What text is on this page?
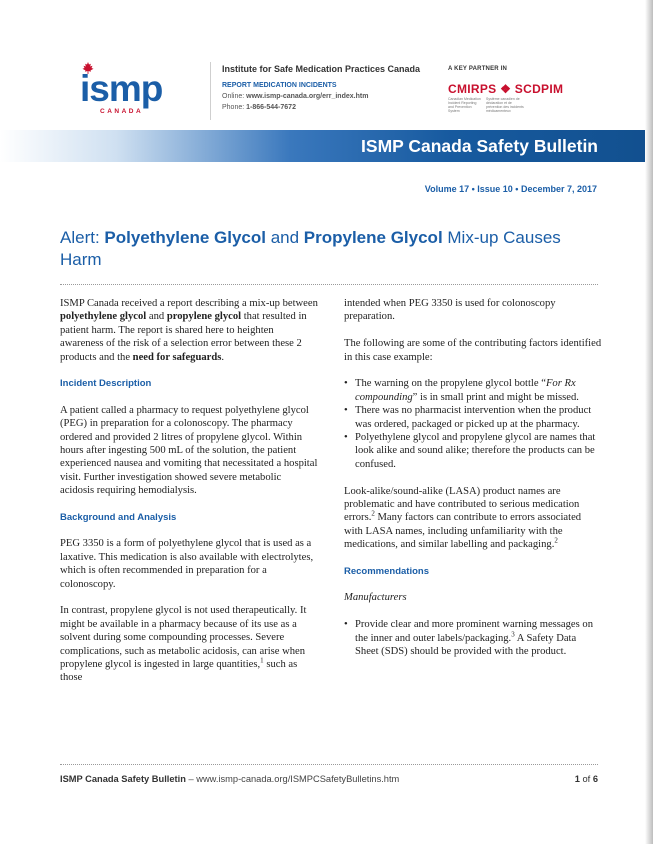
ismp
CANADA
Institute for Safe Medication Practices Canada
REPORT MEDICATION INCIDENTS
Online: www.ismp-canada.org/err_index.htm
Phone: 1-866-544-7672
A KEY PARTNER IN
CMIRPS ❖ SCDPIM
Canadian Medication Incident Reporting and Prevention System
Système canadien de déclaration et de prévention des incidents médicamenteux
ISMP Canada Safety Bulletin
Volume 17 • Issue 10 • December 7, 2017
Alert: Polyethylene Glycol and Propylene Glycol Mix-up Causes Harm

ISMP Canada received a report describing a mix-up between polyethylene glycol and propylene glycol that resulted in patient harm. The report is shared here to heighten awareness of the risk of a selection error between these 2 products and the need for safeguards.

Incident Description

A patient called a pharmacy to request polyethylene glycol (PEG) in preparation for a colonoscopy. The pharmacy ordered and provided 2 litres of propylene glycol. Within hours after ingesting 500 mL of the solution, the patient experienced nausea and vomiting that necessitated a hospital visit. Further investigation showed severe metabolic acidosis requiring hemodialysis.

Background and Analysis

PEG 3350 is a form of polyethylene glycol that is used as a laxative. This medication is also available with electrolytes, which is often recommended in preparation for a colonoscopy.

In contrast, propylene glycol is not used therapeutically. It might be available in a pharmacy because of its use as a solvent during some compounding processes. Severe complications, such as metabolic acidosis, can arise when propylene glycol is ingested in large quantities,$^1$ such as those

intended when PEG 3350 is used for colonoscopy preparation.

The following are some of the contributing factors identified in this case example:

• The warning on the propylene glycol bottle “For Rx compounding” is in small print and might be missed.
• There was no pharmacist intervention when the product was ordered, packaged or picked up at the pharmacy.
• Polyethylene glycol and propylene glycol are names that look alike and sound alike; therefore the products can be confused.

Look-alike/sound-alike (LASA) product names are problematic and have contributed to serious medication errors.$^2$ Many factors can contribute to errors associated with LASA names, including unfamiliarity with the medications, and similar labelling and packaging.$^2$

Recommendations

Manufacturers

• Provide clear and more prominent warning messages on the inner and outer labels/packaging.$^3$ A Safety Data Sheet (SDS) should be provided with the product.
ISMP Canada Safety Bulletin – www.ismp-canada.org/ISMPCSafetyBulletins.htm	1 of 6
